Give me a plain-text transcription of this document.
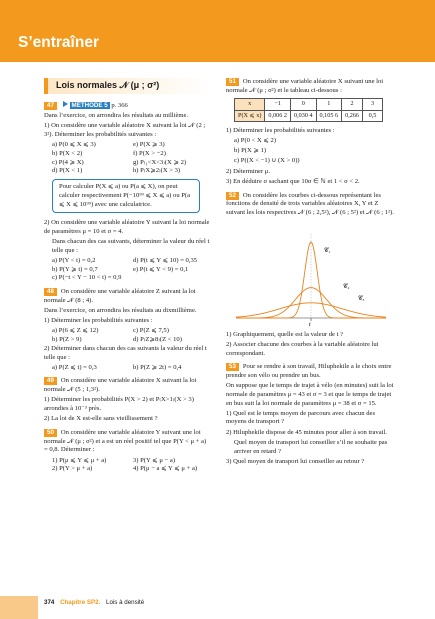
S’entraîner
Lois normales 𝒩 (μ ; σ²)

47	MÉTHODE 5 p. 366

Dans l’exercice, on arrondira les résultats au millième.

1) On considère une variable aléatoire X suivant la loi 𝒩 (2 ; 3²). Déterminer les probabilités suivantes :

a) P(0 ⩽ X ⩽ 3)	e) P(X ⩾ 3)
b) P(X < 2)	f) P(X > −2)
c) P(4 ⩾ X)	g) P₍₁<X<3₎(X ⩾ 2)
d) P(X < 1)	h) P₍X⩾2₎(X > 3)
Pour calculer P(X ⩽ a) ou P(a ⩽ X), on peut calculer respectivement P(−10⁹⁹ ⩽ X ⩽ a) ou P(a ⩽ X ⩽ 10⁹⁹) avec une calculatrice.

2) On considère une variable aléatoire Y suivant la loi normale de paramètres μ = 10 et σ = 4.

Dans chacun des cas suivants, déterminer la valeur du réel t telle que :

a) P(Y < t) = 0,2	d) P(t ⩽ Y ⩽ 10) = 0,35
b) P(Y ⩾ t) = 0,7	e) P(t ⩽ Y < 9) = 0,1
c) P(−t < Y − 10 < t) = 0,9

48 On considère une variable aléatoire Z suivant la loi normale 𝒩 (8 ; 4).

Dans l’exercice, on arrondira les résultats au dixmillième.

1) Déterminer les probabilités suivantes :

a) P(6 ⩽ Z ⩽ 12)	c) P(Z ⩽ 7,5)
b) P(Z > 9)	d) P₍Z⩾8₎(Z < 10)

2) Déterminer dans chacun des cas suivants la valeur du réel t telle que :

a) P(Z ⩽ t) = 0,3	b) P(Z ⩾ 2t) = 0,4

49 On considère une variable aléatoire X suivant la loi normale 𝒩 (5 ; 1,3²).

1) Déterminer les probabilités P(X > 2) et P₍X>1₎(X > 3) arrondies à 10⁻³ près.

2) La loi de X est-elle sans vieillissement ?

50 On considère une variable aléatoire Y suivant une loi normale 𝒩 (μ ; σ²) et a est un réel positif tel que P(Y < μ + a) = 0,8. Déterminer :

1) P(μ ⩽ Y ⩽ μ + a)	3) P(Y ⩽ μ − a)
2) P(Y > μ + a)	4) P(μ − a ⩽ Y ⩽ μ + a)

51 On considère une variable aléatoire X suivant une loi normale 𝒩 (μ ; σ²) et le tableau ci-dessous :

x	−1	0	1	2	3
P(X ⩽ x)	0,006 2	0,030 4	0,105 6	0,266	0,5

1) Déterminer les probabilités suivantes :

a) P(0 < X ⩽ 2)

b) P(X ⩾ 1)

c) P((X < −1) ∪ (X > 0))

2) Déterminer μ.

3) En déduire σ sachant que 10σ ∈ ℕ et 1 < σ < 2.

52 On considère les courbes ci-dessous représentant les fonctions de densité de trois variables aléatoires X, Y et Z suivant les lois respectives 𝒩 (6 ; 2,5²), 𝒩 (6 ; 5²) et 𝒩 (6 ; 1²).

𝒞₁
𝒞₂
𝒞₃
t

1) Graphiquement, quelle est la valeur de t ?

2) Associer chacune des courbes à la variable aléatoire lui correspondant.

53 Pour se rendre à son travail, Hiluphekile a le choix entre prendre son vélo ou prendre un bus.

On suppose que le temps de trajet à vélo (en minutes) suit la loi normale de paramètres μ = 43 et σ = 3 et que le temps de trajet en bus suit la loi normale de paramètres μ = 38 et σ = 15.

1) Quel est le temps moyen de parcours avec chacun des moyens de transport ?

2) Hiluphekile dispose de 45 minutes pour aller à son travail.

Quel moyen de transport lui conseiller s’il ne souhaite pas arriver en retard ?

3) Quel moyen de transport lui conseiller au retour ?

374 Chapitre SP2. Lois à densité
